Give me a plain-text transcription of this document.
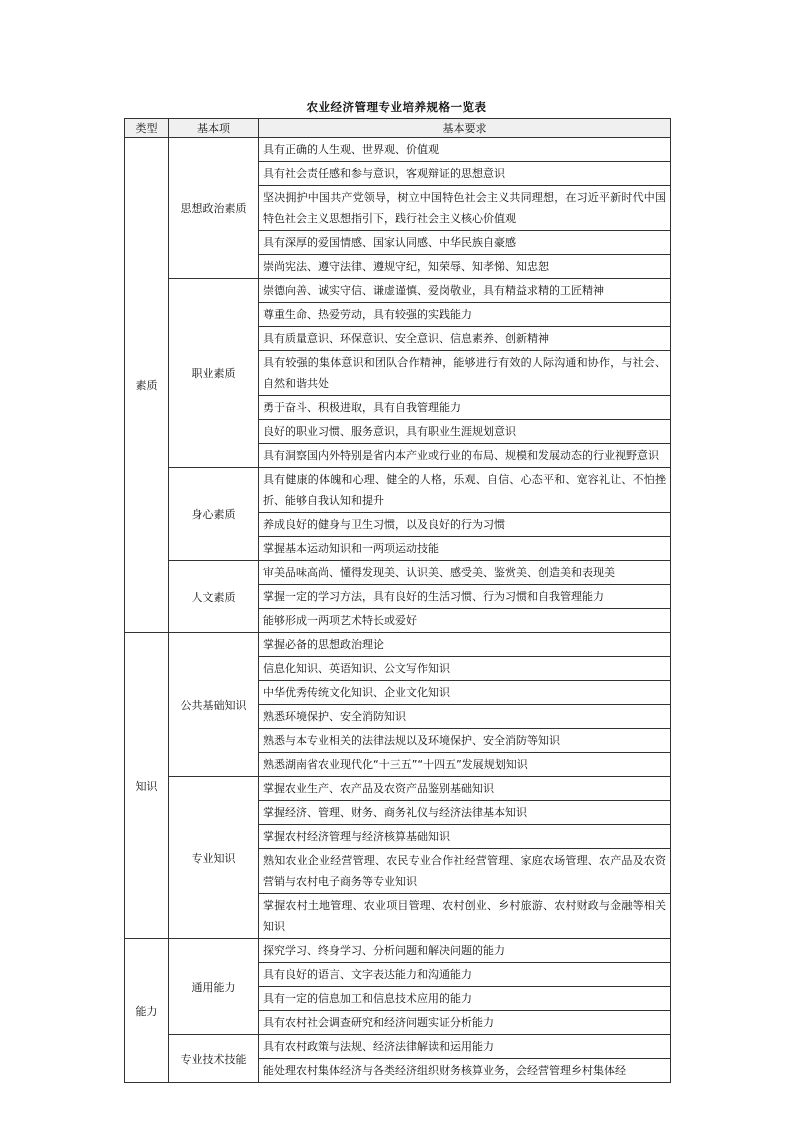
农业经济管理专业培养规格一览表
类型	基本项	基本要求
素质	思想政治素质	具有正确的人生观、世界观、价值观
		具有社会责任感和参与意识，客观辩证的思想意识
		坚决拥护中国共产党领导，树立中国特色社会主义共同理想，在习近平新时代中国特色社会主义思想指引下，践行社会主义核心价值观
		具有深厚的爱国情感、国家认同感、中华民族自豪感
		崇尚宪法、遵守法律、遵规守纪，知荣辱、知孝悌、知忠恕
	职业素质	崇德向善、诚实守信、谦虚谨慎、爱岗敬业，具有精益求精的工匠精神
		尊重生命、热爱劳动，具有较强的实践能力
		具有质量意识、环保意识、安全意识、信息素养、创新精神
		具有较强的集体意识和团队合作精神，能够进行有效的人际沟通和协作，与社会、自然和谐共处
		勇于奋斗、积极进取，具有自我管理能力
		良好的职业习惯、服务意识，具有职业生涯规划意识
		具有洞察国内外特别是省内本产业或行业的布局、规模和发展动态的行业视野意识
	身心素质	具有健康的体魄和心理、健全的人格，乐观、自信、心态平和、宽容礼让、不怕挫折、能够自我认知和提升
		养成良好的健身与卫生习惯，以及良好的行为习惯
		掌握基本运动知识和一两项运动技能
	人文素质	审美品味高尚、懂得发现美、认识美、感受美、鉴赏美、创造美和表现美
		掌握一定的学习方法，具有良好的生活习惯、行为习惯和自我管理能力
		能够形成一两项艺术特长或爱好
知识	公共基础知识	掌握必备的思想政治理论
		信息化知识、英语知识、公文写作知识
		中华优秀传统文化知识、企业文化知识
		熟悉环境保护、安全消防知识
		熟悉与本专业相关的法律法规以及环境保护、安全消防等知识
		熟悉湖南省农业现代化“十三五”“十四五”发展规划知识
	专业知识	掌握农业生产、农产品及农资产品鉴别基础知识
		掌握经济、管理、财务、商务礼仪与经济法律基本知识
		掌握农村经济管理与经济核算基础知识
		熟知农业企业经营管理、农民专业合作社经营管理、家庭农场管理、农产品及农资营销与农村电子商务等专业知识
		掌握农村土地管理、农业项目管理、农村创业、乡村旅游、农村财政与金融等相关知识
能力	通用能力	探究学习、终身学习、分析问题和解决问题的能力
		具有良好的语言、文字表达能力和沟通能力
		具有一定的信息加工和信息技术应用的能力
		具有农村社会调查研究和经济问题实证分析能力
	专业技术技能	具有农村政策与法规、经济法律解读和运用能力
		能处理农村集体经济与各类经济组织财务核算业务，会经营管理乡村集体经
